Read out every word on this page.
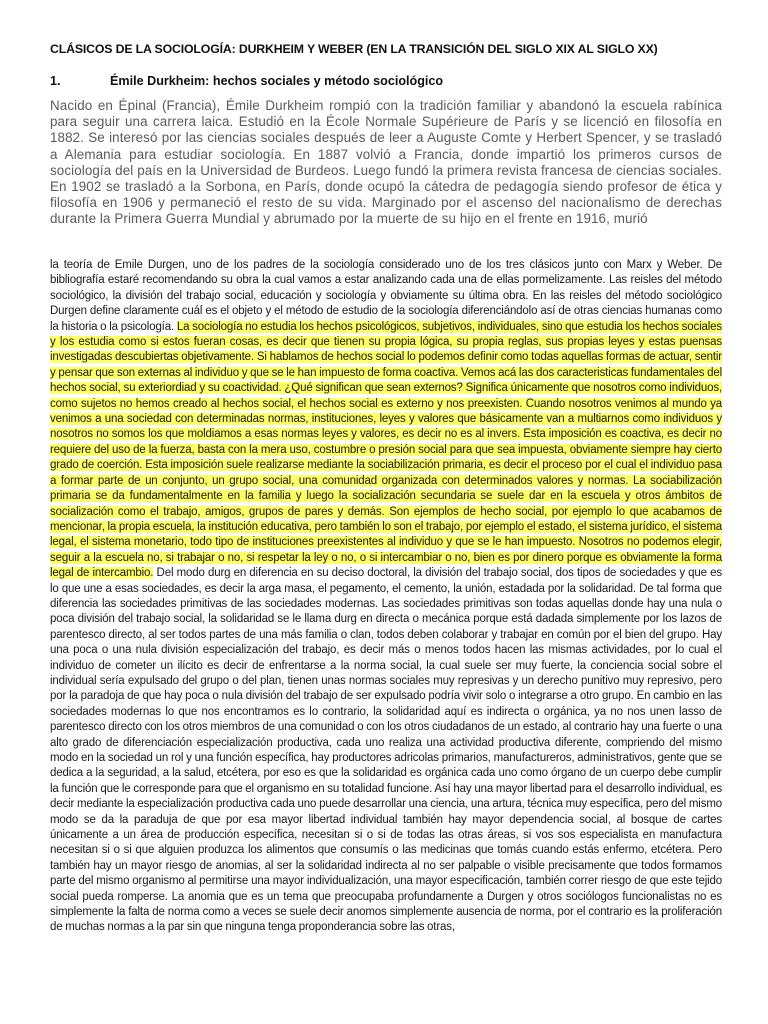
CLÁSICOS DE LA SOCIOLOGÍA: DURKHEIM Y WEBER (EN LA TRANSICIÓN DEL SIGLO XIX AL SIGLO XX)
1.	Émile Durkheim: hechos sociales y método sociológico
Nacido en Épinal (Francia), Émile Durkheim rompió con la tradición familiar y abandonó la escuela rabínica para seguir una carrera laica. Estudió en la École Normale Supérieure de París y se licenció en filosofía en 1882. Se interesó por las ciencias sociales después de leer a Auguste Comte y Herbert Spencer, y se trasladó a Alemania para estudiar sociología. En 1887 volvió a Francia, donde impartió los primeros cursos de sociología del país en la Universidad de Burdeos. Luego fundó la primera revista francesa de ciencias sociales. En 1902 se trasladó a la Sorbona, en París, donde ocupó la cátedra de pedagogía siendo profesor de ética y filosofía en 1906 y permaneció el resto de su vida. Marginado por el ascenso del nacionalismo de derechas durante la Primera Guerra Mundial y abrumado por la muerte de su hijo en el frente en 1916, murió
la teoría de Emile Durgen, uno de los padres de la sociología considerado uno de los tres clásicos junto con Marx y Weber. De bibliografía estaré recomendando su obra la cual vamos a estar analizando cada una de ellas pormelizamente. Las reisles del método sociológico, la división del trabajo social, educación y sociología y obviamente su última obra. En las reisles del método sociológico Durgen define claramente cuál es el objeto y el método de estudio de la sociología diferenciándolo así de otras ciencias humanas como la historia o la psicología. La sociología no estudia los hechos psicológicos, subjetivos, individuales, sino que estudia los hechos sociales y los estudia como si estos fueran cosas, es decir que tienen su propia lógica, su propia reglas, sus propias leyes y estas puensas investigadas descubiertas objetivamente. Si hablamos de hechos social lo podemos definir como todas aquellas formas de actuar, sentir y pensar que son externas al individuo y que se le han impuesto de forma coactiva. Vemos acá las dos caracteristicas fundamentales del hechos social, su exteriordiad y su coactividad. ¿Qué significan que sean externos? Significa únicamente que nosotros como individuos, como sujetos no hemos creado al hechos social, el hechos social es externo y nos preexisten. Cuando nosotros venimos al mundo ya venimos a una sociedad con determinadas normas, instituciones, leyes y valores que básicamente van a multiarnos como individuos y nosotros no somos los que moldiamos a esas normas leyes y valores, es decir no es al invers. Esta imposición es coactiva, es decir no requiere del uso de la fuerza, basta con la mera uso, costumbre o presión social para que sea impuesta, obviamente siempre hay cierto grado de coerción. Esta imposición suele realizarse mediante la sociabilización primaria, es decir el proceso por el cual el individuo pasa a formar parte de un conjunto, un grupo social, una comunidad organizada con determinados valores y normas. La sociabilización primaria se da fundamentalmente en la familia y luego la socialización secundaria se suele dar en la escuela y otros ámbitos de socialización como el trabajo, amigos, grupos de pares y demás. Son ejemplos de hecho social, por ejemplo lo que acabamos de mencionar, la propia escuela, la institución educativa, pero también lo son el trabajo, por ejemplo el estado, el sistema jurídico, el sistema legal, el sistema monetario, todo tipo de instituciones preexistentes al individuo y que se le han impuesto. Nosotros no podemos elegir, seguir a la escuela no, si trabajar o no, si respetar la ley o no, o si intercambiar o no, bien es por dinero porque es obviamente la forma legal de intercambio. Del modo durg en diferencia en su deciso doctoral, la división del trabajo social, dos tipos de sociedades y que es lo que une a esas sociedades, es decir la arga masa, el pegamento, el cemento, la unión, estadada por la solidaridad. De tal forma que diferencia las sociedades primitivas de las sociedades modernas. Las sociedades primitivas son todas aquellas donde hay una nula o poca división del trabajo social, la solidaridad se le llama durg en directa o mecánica porque está dadada simplemente por los lazos de parentesco directo, al ser todos partes de una más familia o clan, todos deben colaborar y trabajar en común por el bien del grupo. Hay una poca o una nula división especialización del trabajo, es decir más o menos todos hacen las mismas actividades, por lo cual el individuo de cometer un ilícito es decir de enfrentarse a la norma social, la cual suele ser muy fuerte, la conciencia social sobre el individual sería expulsado del grupo o del plan, tienen unas normas sociales muy represivas y un derecho punitivo muy represivo, pero por la paradoja de que hay poca o nula división del trabajo de ser expulsado podría vivir solo o integrarse a otro grupo. En cambio en las sociedades modernas lo que nos encontramos es lo contrario, la solidaridad aquí es indirecta o orgánica, ya no nos unen lasso de parentesco directo con los otros miembros de una comunidad o con los otros ciudadanos de un estado, al contrario hay una fuerte o una alto grado de diferenciación especialización productiva, cada uno realiza una actividad productiva diferente, compriendo del mismo modo en la sociedad un rol y una función específica, hay productores adricolas primarios, manufactureros, administrativos, gente que se dedica a la seguridad, a la salud, etcétera, por eso es que la solidaridad es orgánica cada uno como órgano de un cuerpo debe cumplir la función que le corresponde para que el organismo en su totalidad funcione. Así hay una mayor libertad para el desarrollo individual, es decir mediante la especialización productiva cada uno puede desarrollar una ciencia, una artura, técnica muy específica, pero del mismo modo se da la paraduja de que por esa mayor libertad individual también hay mayor dependencia social, al bosque de cartes únicamente a un área de producción específica, necesitan si o si de todas las otras áreas, si vos sos especialista en manufactura necesitan si o si que alguien produzca los alimentos que consumís o las medicinas que tomás cuando estás enfermo, etcétera. Pero también hay un mayor riesgo de anomias, al ser la solidaridad indirecta al no ser palpable o visible precisamente que todos formamos parte del mismo organismo al permitirse una mayor individualización, una mayor especificación, también correr riesgo de que este tejido social pueda romperse. La anomia que es un tema que preocupaba profundamente a Durgen y otros sociólogos funcionalistas no es simplemente la falta de norma como a veces se suele decir anomos simplemente ausencia de norma, por el contrario es la proliferación de muchas normas a la par sin que ninguna tenga proponderancia sobre las otras,
